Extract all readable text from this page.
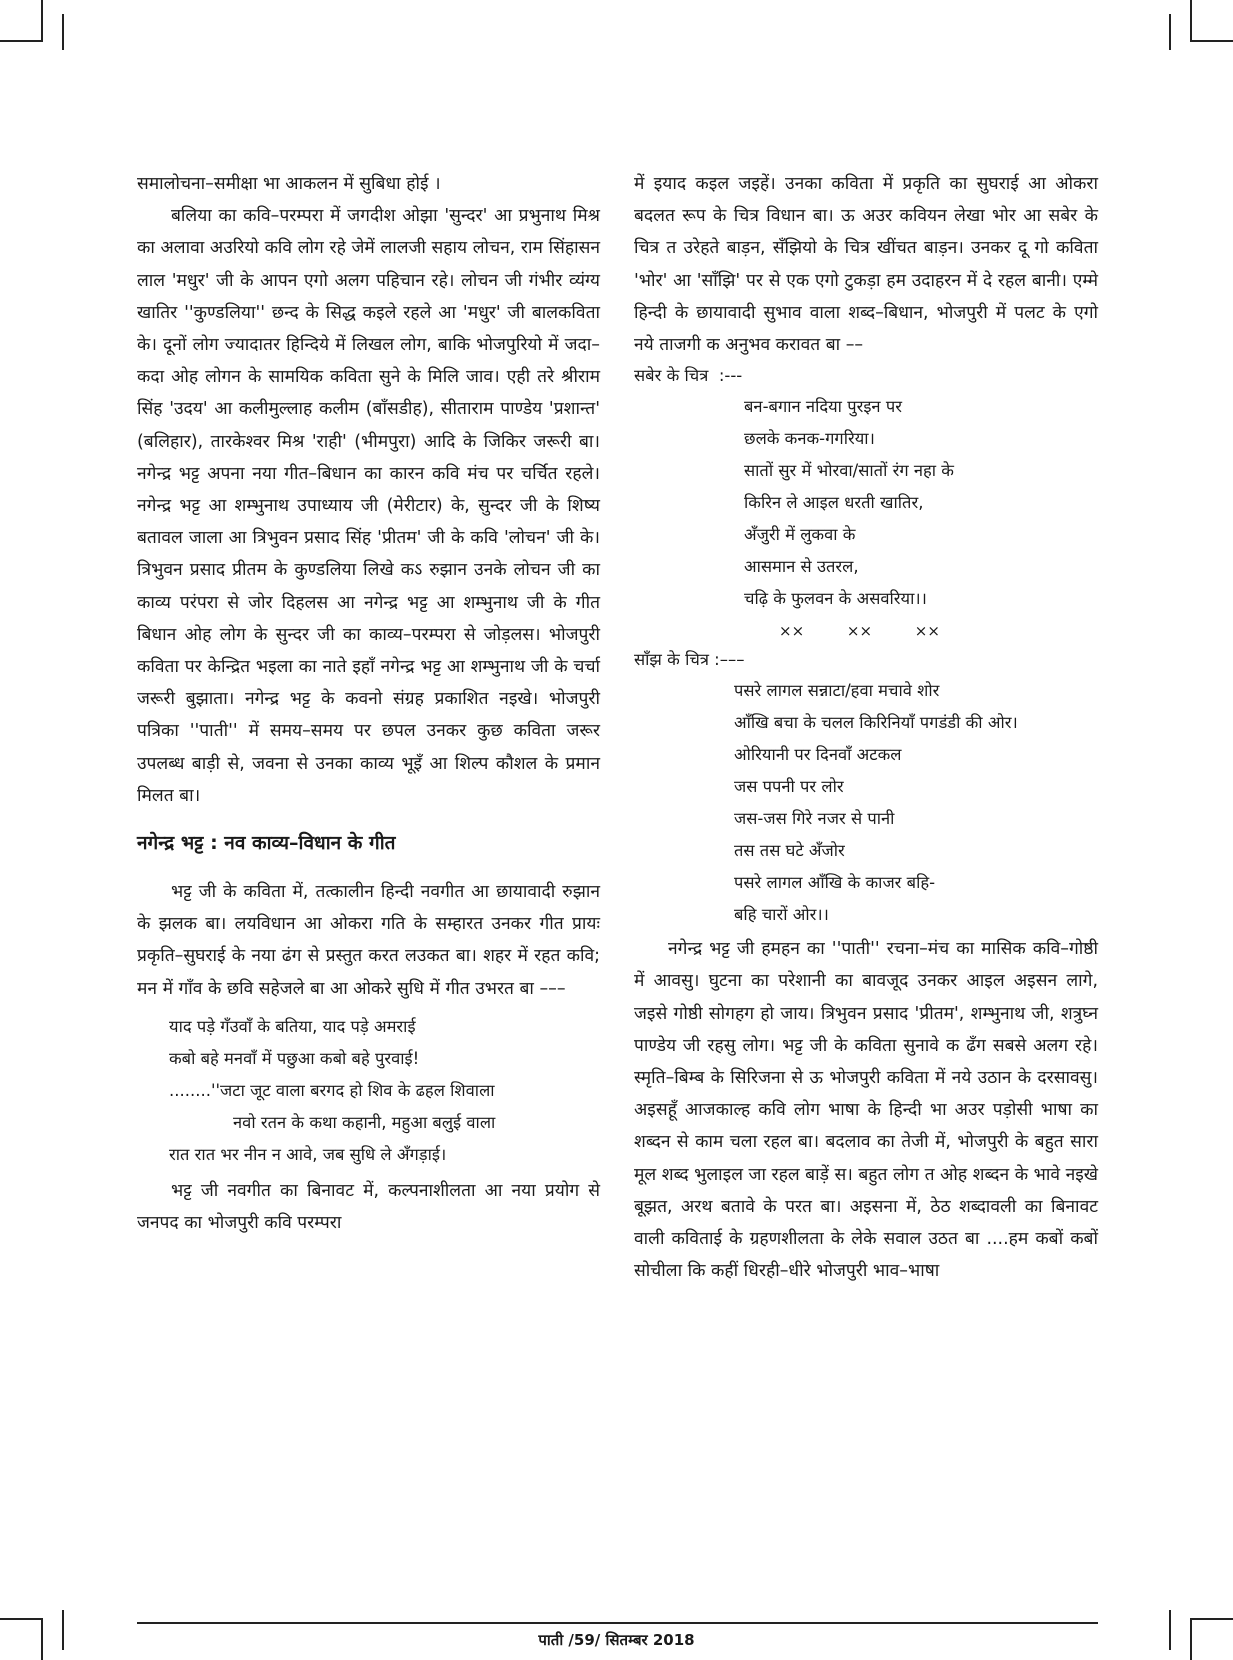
समालोचना–समीक्षा भा आकलन में सुबिधा होई ।

बलिया का कवि–परम्परा में जगदीश ओझा 'सुन्दर' आ प्रभुनाथ मिश्र का अलावा अउरियो कवि लोग रहे जेमें लालजी सहाय लोचन, राम सिंहासन लाल 'मधुर' जी के आपन एगो अलग पहिचान रहे। लोचन जी गंभीर व्यंग्य खातिर ''कुण्डलिया'' छन्द के सिद्ध कइले रहले आ 'मधुर' जी बालकविता के। दूनों लोग ज्यादातर हिन्दिये में लिखल लोग, बाकि भोजपुरियो में जदा–कदा ओह लोगन के सामयिक कविता सुने के मिलि जाव। एही तरे श्रीराम सिंह 'उदय' आ कलीमुल्लाह कलीम (बाँसडीह), सीताराम पाण्डेय 'प्रशान्त' (बलिहार), तारकेश्वर मिश्र 'राही' (भीमपुरा) आदि के जिकिर जरूरी बा। नगेन्द्र भट्ट अपना नया गीत–बिधान का कारन कवि मंच पर चर्चित रहले। नगेन्द्र भट्ट आ शम्भुनाथ उपाध्याय जी (मेरीटार) के, सुन्दर जी के शिष्य बतावल जाला आ त्रिभुवन प्रसाद सिंह 'प्रीतम' जी के कवि 'लोचन' जी के। त्रिभुवन प्रसाद प्रीतम के कुण्डलिया लिखे कऽ रुझान उनके लोचन जी का काव्य परंपरा से जोर दिहलस आ नगेन्द्र भट्ट आ शम्भुनाथ जी के गीत बिधान ओह लोग के सुन्दर जी का काव्य–परम्परा से जोड़लस। भोजपुरी कविता पर केन्द्रित भइला का नाते इहाँ नगेन्द्र भट्ट आ शम्भुनाथ जी के चर्चा जरूरी बुझाता। नगेन्द्र भट्ट के कवनो संग्रह प्रकाशित नइखे। भोजपुरी पत्रिका ''पाती'' में समय–समय पर छपल उनकर कुछ कविता जरूर उपलब्ध बाड़ी से, जवना से उनका काव्य भूइँ आ शिल्प कौशल के प्रमान मिलत बा।

नगेन्द्र भट्ट : नव काव्य–विधान के गीत

भट्ट जी के कविता में, तत्कालीन हिन्दी नवगीत आ छायावादी रुझान के झलक बा। लयविधान आ ओकरा गति के सम्हारत उनकर गीत प्रायः प्रकृति–सुघराई के नया ढंग से प्रस्तुत करत लउकत बा। शहर में रहत कवि; मन में गाँव के छवि सहेजले बा आ ओकरे सुधि में गीत उभरत बा –––

याद पड़े गँउवाँ के बतिया, याद पड़े अमराई
कबो बहे मनवाँ में पछुआ कबो बहे पुरवाई!
........''जटा जूट वाला बरगद हो शिव के ढहल शिवाला
नवो रतन के कथा कहानी, महुआ बलुई वाला
रात रात भर नीन न आवे, जब सुधि ले अँगड़ाई।

भट्ट जी नवगीत का बिनावट में, कल्पनाशीलता आ नया प्रयोग से जनपद का भोजपुरी कवि परम्परा

में इयाद कइल जइहें। उनका कविता में प्रकृति का सुघराई आ ओकरा बदलत रूप के चित्र विधान बा। ऊ अउर कवियन लेखा भोर आ सबेर के चित्र त उरेहते बाड़न, सँझियो के चित्र खींचत बाड़न। उनकर दू गो कविता 'भोर' आ 'साँझि' पर से एक एगो टुकड़ा हम उदाहरन में दे रहल बानी। एम्मे हिन्दी के छायावादी सुभाव वाला शब्द–बिधान, भोजपुरी में पलट के एगो नये ताजगी क अनुभव करावत बा ––

सबेर के चित्र  :---

बन-बगान नदिया पुरइन पर
छलके कनक-गगरिया।
सातों सुर में भोरवा/सातों रंग नहा के
किरिन ले आइल धरती खातिर,
अँजुरी में लुकवा के
आसमान से उतरल,
चढ़ि के फुलवन के असवरिया।।
×× ×× ××

साँझ के चित्र :–––

पसरे लागल सन्नाटा/हवा मचावे शोर
आँखि बचा के चलल किरिनियाँ पगडंडी की ओर।
ओरियानी पर दिनवाँ अटकल
जस पपनी पर लोर
जस-जस गिरे नजर से पानी
तस तस घटे अँजोर
पसरे लागल आँखि के काजर बहि-
बहि चारों ओर।।

नगेन्द्र भट्ट जी हमहन का ''पाती'' रचना–मंच का मासिक कवि–गोष्ठी में आवसु। घुटना का परेशानी का बावजूद उनकर आइल अइसन लागे, जइसे गोष्ठी सोगहग हो जाय। त्रिभुवन प्रसाद 'प्रीतम', शम्भुनाथ जी, शत्रुघ्न पाण्डेय जी रहसु लोग। भट्ट जी के कविता सुनावे क ढँग सबसे अलग रहे। स्मृति–बिम्ब के सिरिजना से ऊ भोजपुरी कविता में नये उठान के दरसावसु। अइसहूँ आजकाल्ह कवि लोग भाषा के हिन्दी भा अउर पड़ोसी भाषा का शब्दन से काम चला रहल बा। बदलाव का तेजी में, भोजपुरी के बहुत सारा मूल शब्द भुलाइल जा रहल बाड़ें स। बहुत लोग त ओह शब्दन के भावे नइखे बूझत, अरथ बतावे के परत बा। अइसना में, ठेठ शब्दावली का बिनावट वाली कविताई के ग्रहणशीलता के लेके सवाल उठत बा ....हम कबों कबों सोचीला कि कहीं धिरही–धीरे भोजपुरी भाव–भाषा

पाती /59/ सितम्बर 2018
